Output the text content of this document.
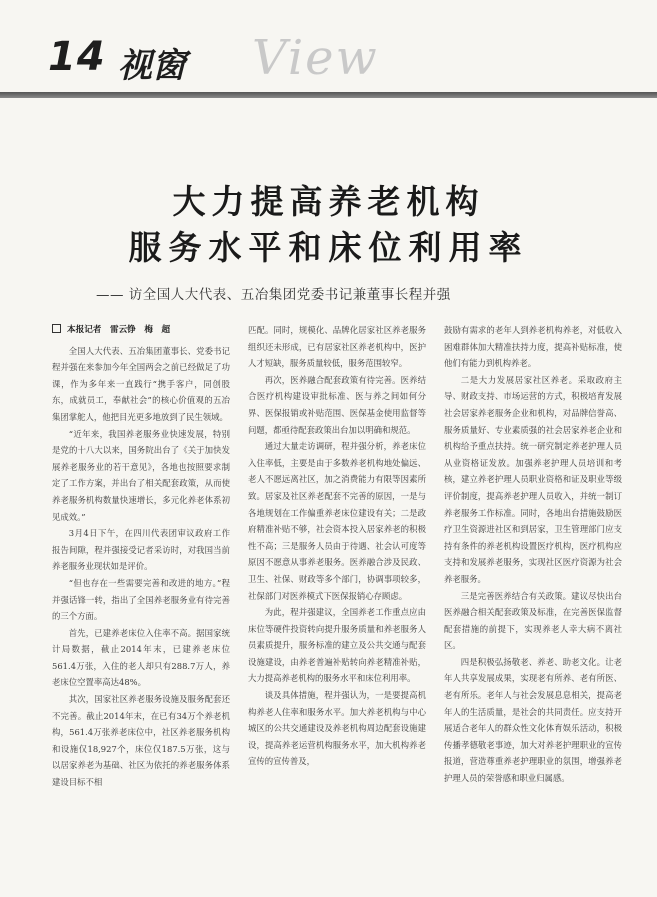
14 视窗 View
大力提高养老机构
服务水平和床位利用率
—— 访全国人大代表、五冶集团党委书记兼董事长程并强
本报记者　雷云铮　梅　超

全国人大代表、五冶集团董事长、党委书记程并强在来参加今年全国两会之前已经做足了功课，作为多年来一直践行“携手客户，同创股东，成就员工，奉献社会”的核心价值观的五冶集团掌舵人，他把目光更多地放到了民生领域。

“近年来，我国养老服务业快速发展，特别是党的十八大以来，国务院出台了《关于加快发展养老服务业的若干意见》，各地也按照要求制定了工作方案，并出台了相关配套政策，从而使养老服务机构数量快速增长，多元化养老体系初见成效。”

3月4日下午，在四川代表团审议政府工作报告间隙，程并强接受记者采访时，对我国当前养老服务业现状如是评价。

“但也存在一些需要完善和改进的地方。”程并强话锋一转，指出了全国养老服务业有待完善的三个方面。

首先，已建养老床位入住率不高。据国家统计局数据，截止2014年末，已建养老床位561.4万张，入住的老人却只有288.7万人，养老床位空置率高达48%。

其次，国家社区养老服务设施及服务配套还不完善。截止2014年末，在已有34万个养老机构，561.4万张养老床位中，社区养老服务机构和设施仅18,927个，床位仅187.5万张，这与以居家养老为基础、社区为依托的养老服务体系建设目标不相

匹配。同时，规模化、品牌化居家社区养老服务组织还未形成，已有居家社区养老机构中，医护人才短缺，服务质量较低，服务范围较窄。

再次，医养融合配套政策有待完善。医养结合医疗机构建设审批标准、医与养之间如何分界、医保报销或补贴范围、医保基金使用监督等问题，都亟待配套政策出台加以明确和规范。

通过大量走访调研，程并强分析，养老床位入住率低，主要是由于多数养老机构地处偏远、老人不愿远离社区，加之消费能力有限等因素所致。居家及社区养老配套不完善的原因，一是与各地规划在工作偏重养老床位建设有关；二是政府精准补贴不够，社会资本投入居家养老的积极性不高；三是服务人员由于待遇、社会认可度等原因不愿意从事养老服务。医养融合涉及民政、卫生、社保、财政等多个部门，协调事项较多，社保部门对医养模式下医保报销心存顾虑。

为此，程并强建议，全国养老工作重点应由床位等硬件投资转向提升服务质量和养老服务人员素质提升，服务标准的建立及公共交通与配套设施建设，由养老普遍补贴转向养老精准补贴，大力提高养老机构的服务水平和床位利用率。

谈及具体措施，程并强认为，一是要提高机构养老人住率和服务水平。加大养老机构与中心城区的公共交通建设及养老机构周边配套设施建设，提高养老运营机构服务水平，加大机构养老宣传的宣传普及，

鼓励有需求的老年人到养老机构养老，对低收入困难群体加大精准扶持力度，提高补贴标准，使他们有能力到机构养老。

二是大力发展居家社区养老。采取政府主导、财政支持、市场运营的方式，积极培育发展社会居家养老服务企业和机构，对品牌信誉高、服务质量好、专业素质强的社会居家养老企业和机构给予重点扶持。统一研究制定养老护理人员从业资格证发放。加强养老护理人员培训和考核，建立养老护理人员职业资格和证及职业等级评价制度，提高养老护理人员收入，并统一制订养老服务工作标准。同时，各地出台措施鼓励医疗卫生资源进社区和到居家，卫生管理部门应支持有条件的养老机构设置医疗机构，医疗机构应支持和发展养老服务，实现社区医疗资源为社会养老服务。

三是完善医养结合有关政策。建议尽快出台医养融合相关配套政策及标准，在完善医保监督配套措施的前提下，实现养老人幸大病不离社区。

四是积极弘扬敬老、养老、助老文化。让老年人共享发展成果，实现老有所养、老有所医、老有所乐。老年人与社会发展息息相关，提高老年人的生活质量，是社会的共同责任。应支持开展适合老年人的群众性文化体育娱乐活动，积极传播孝德敬老事迹，加大对养老护理职业的宣传报道，营造尊重养老护理职业的氛围，增强养老护理人员的荣誉感和职业归属感。
